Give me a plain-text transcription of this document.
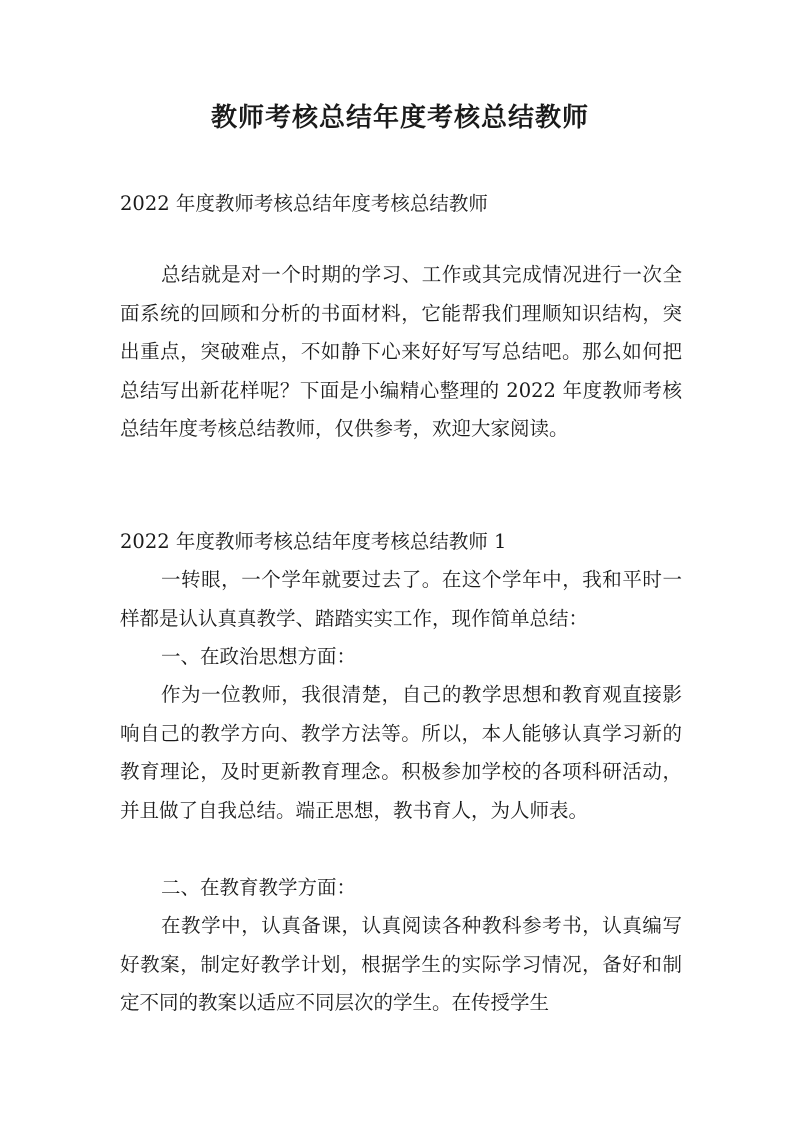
教师考核总结年度考核总结教师

2022 年度教师考核总结年度考核总结教师

总结就是对一个时期的学习、工作或其完成情况进行一次全面系统的回顾和分析的书面材料，它能帮我们理顺知识结构，突出重点，突破难点，不如静下心来好好写写总结吧。那么如何把总结写出新花样呢？下面是小编精心整理的 2022 年度教师考核总结年度考核总结教师，仅供参考，欢迎大家阅读。

2022 年度教师考核总结年度考核总结教师 1

一转眼，一个学年就要过去了。在这个学年中，我和平时一样都是认认真真教学、踏踏实实工作，现作简单总结：

一、在政治思想方面：

作为一位教师，我很清楚，自己的教学思想和教育观直接影响自己的教学方向、教学方法等。所以，本人能够认真学习新的教育理论，及时更新教育理念。积极参加学校的各项科研活动，并且做了自我总结。端正思想，教书育人，为人师表。

二、在教育教学方面：

在教学中，认真备课，认真阅读各种教科参考书，认真编写好教案，制定好教学计划，根据学生的实际学习情况，备好和制定不同的教案以适应不同层次的学生。在传授学生
